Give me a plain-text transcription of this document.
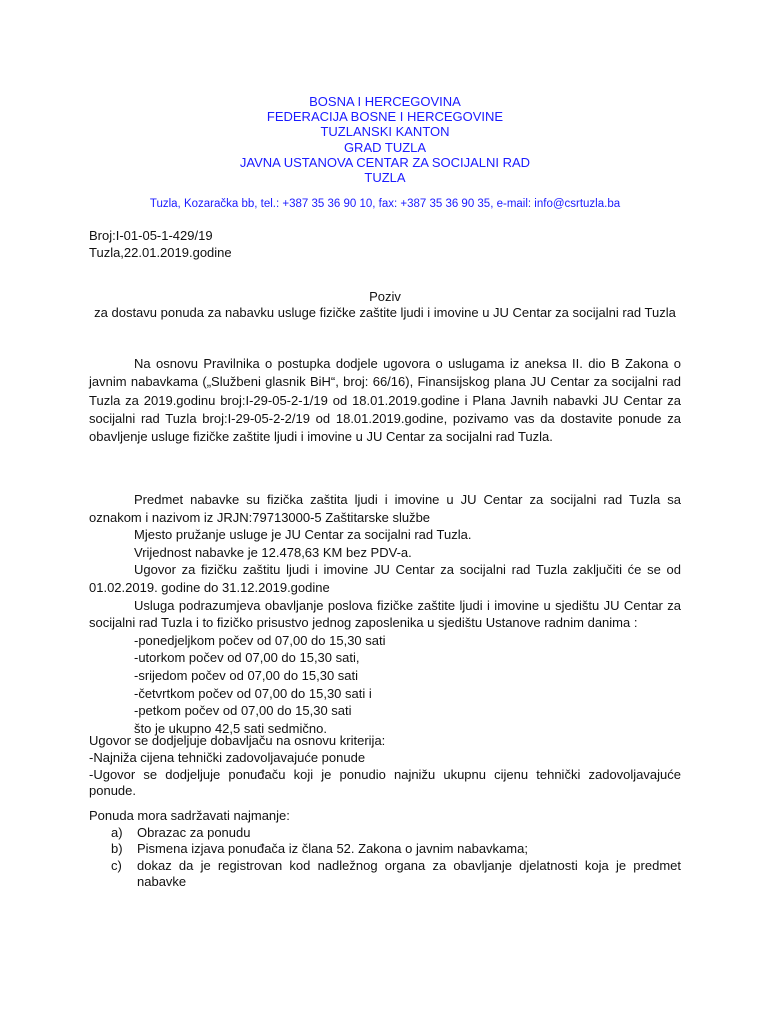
BOSNA I HERCEGOVINA
FEDERACIJA BOSNE I HERCEGOVINE
TUZLANSKI KANTON
GRAD TUZLA
JAVNA USTANOVA CENTAR ZA SOCIJALNI RAD
TUZLA
Tuzla, Kozaračka bb, tel.: +387 35 36 90 10, fax: +387 35 36 90 35, e-mail: info@csrtuzla.ba
Broj:I-01-05-1-429/19
Tuzla,22.01.2019.godine
Poziv
za dostavu ponuda za nabavku usluge fizičke zaštite ljudi i imovine u JU Centar za socijalni rad Tuzla

Na osnovu Pravilnika o postupka dodjele ugovora o uslugama iz aneksa II. dio B Zakona o javnim nabavkama („Službeni glasnik BiH“, broj: 66/16), Finansijskog plana JU Centar za socijalni rad Tuzla za 2019.godinu broj:I-29-05-2-1/19 od 18.01.2019.godine i Plana Javnih nabavki JU Centar za socijalni rad Tuzla broj:I-29-05-2-2/19 od 18.01.2019.godine, pozivamo vas da dostavite ponude za obavljenje usluge fizičke zaštite ljudi i imovine u JU Centar za socijalni rad Tuzla.

Predmet nabavke su fizička zaštita ljudi i imovine u JU Centar za socijalni rad Tuzla sa oznakom i nazivom iz JRJN:79713000-5 Zaštitarske službe
Mjesto pružanje usluge je JU Centar za socijalni rad Tuzla.
Vrijednost nabavke je 12.478,63 KM bez PDV-a.
Ugovor za fizičku zaštitu ljudi i imovine JU Centar za socijalni rad Tuzla zaključiti će se od 01.02.2019. godine do 31.12.2019.godine
Usluga podrazumjeva obavljanje poslova fizičke zaštite ljudi i imovine u sjedištu JU Centar za socijalni rad Tuzla i to fizičko prisustvo jednog zaposlenika u sjedištu Ustanove radnim danima :
-ponedjeljkom počev od 07,00 do 15,30 sati
-utorkom počev od 07,00 do 15,30 sati,
-srijedom počev od 07,00 do 15,30 sati
-četvrtkom počev od 07,00 do 15,30 sati i
-petkom počev od 07,00 do 15,30 sati
što je ukupno 42,5 sati sedmično.
Ugovor se dodjeljuje dobavljaču na osnovu kriterija:
-Najniža cijena tehnički zadovoljavajuće ponude
-Ugovor se dodjeljuje ponuđaču koji je ponudio najnižu ukupnu cijenu tehnički zadovoljavajuće ponude.
Ponuda mora sadržavati najmanje:
a)	Obrazac za ponudu
b)	Pismena izjava ponuđača iz člana 52. Zakona o javnim nabavkama;
c)	dokaz da je registrovan kod nadležnog organa za obavljanje djelatnosti koja je predmet nabavke
